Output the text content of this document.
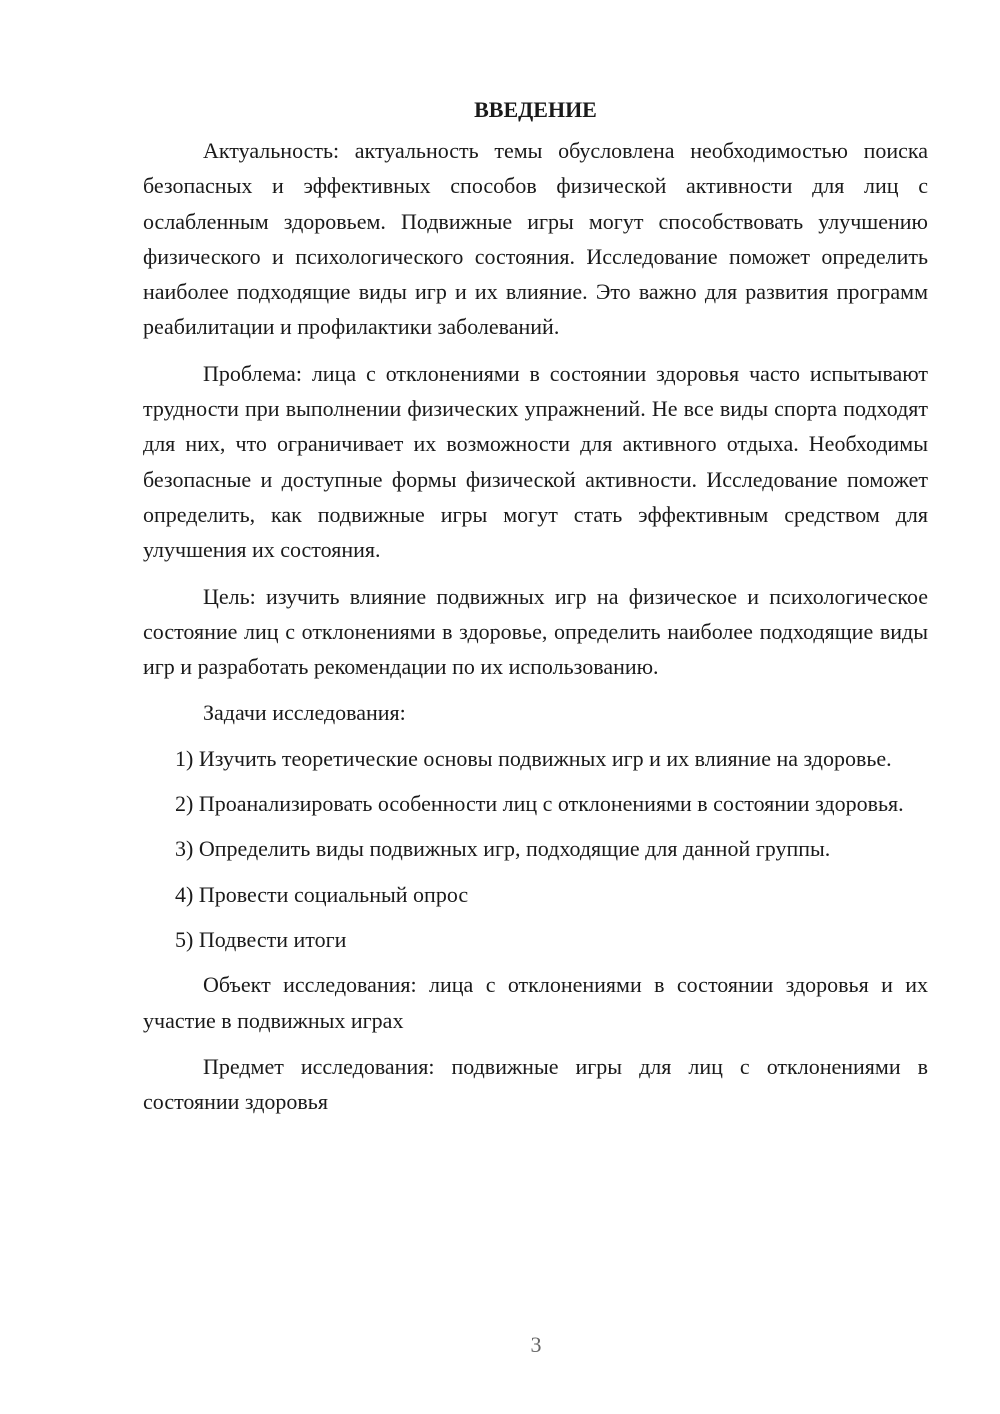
ВВЕДЕНИЕ

Актуальность: актуальность темы обусловлена необходимостью поиска безопасных и эффективных способов физической активности для лиц с ослабленным здоровьем. Подвижные игры могут способствовать улучшению физического и психологического состояния. Исследование поможет определить наиболее подходящие виды игр и их влияние. Это важно для развития программ реабилитации и профилактики заболеваний.

Проблема: лица с отклонениями в состоянии здоровья часто испытывают трудности при выполнении физических упражнений. Не все виды спорта подходят для них, что ограничивает их возможности для активного отдыха. Необходимы безопасные и доступные формы физической активности. Исследование поможет определить, как подвижные игры могут стать эффективным средством для улучшения их состояния.

Цель: изучить влияние подвижных игр на физическое и психологическое состояние лиц с отклонениями в здоровье, определить наиболее подходящие виды игр и разработать рекомендации по их использованию.

Задачи исследования:

1) Изучить теоретические основы подвижных игр и их влияние на здоровье.

2) Проанализировать особенности лиц с отклонениями в состоянии здоровья.

3) Определить виды подвижных игр, подходящие для данной группы.

4) Провести социальный опрос

5) Подвести итоги

Объект исследования: лица с отклонениями в состоянии здоровья и их участие в подвижных играх

Предмет исследования: подвижные игры для лиц с отклонениями в состоянии здоровья

3
